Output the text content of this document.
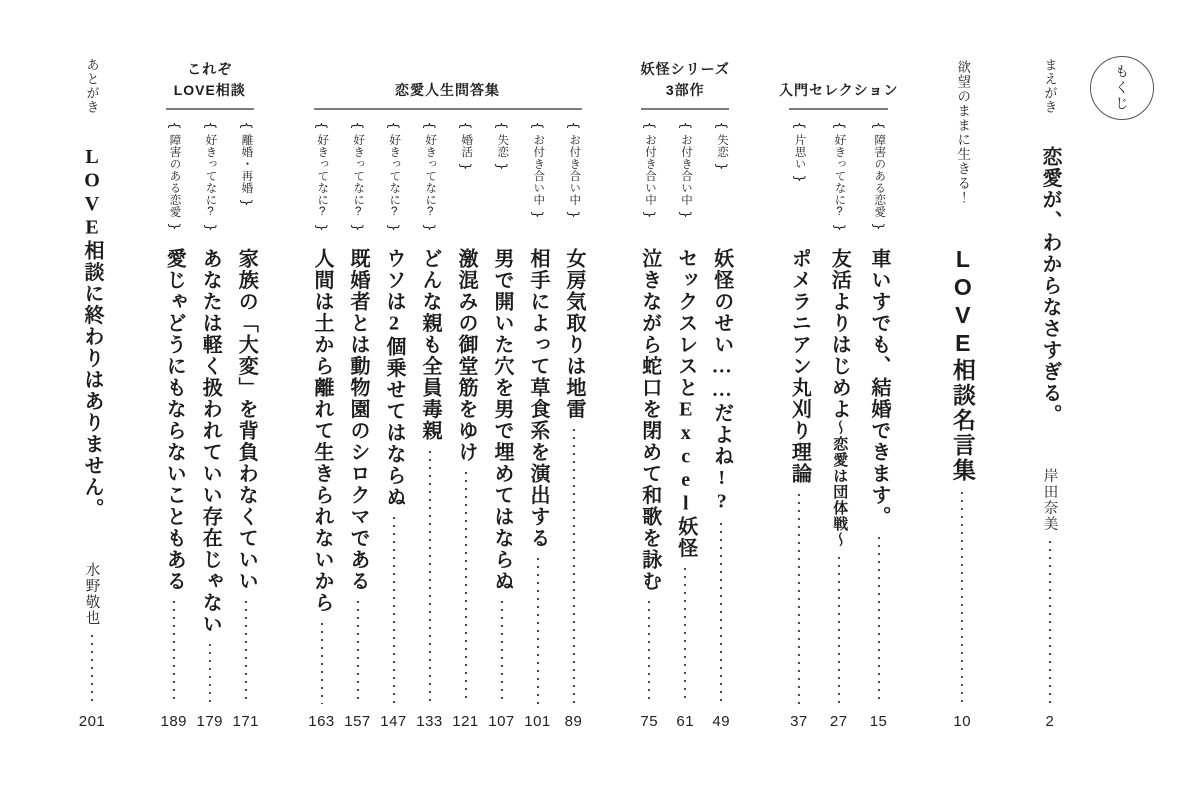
もくじ
まえがき
恋愛が、わからなさすぎる。
岸田奈美
2
欲望のままに生きる！
LOVE相談名言集
10
入門セレクション
{
障害のある恋愛
}
車いすでも、結婚できます。
15
{
好きってなに?
}
友活よりはじめよ〜恋愛は団体戦〜
27
{
片思い
}
ポメラニアン丸刈り理論
37
妖怪シリーズ
3部作
{
失恋
}
妖怪のせい……だよね!?
49
{
お付き合い中
}
セックスレスとExcel妖怪
61
{
お付き合い中
}
泣きながら蛇口を閉めて和歌を詠む
75
恋愛人生問答集
{
お付き合い中
}
女房気取りは地雷
89
{
お付き合い中
}
相手によって草食系を演出する
101
{
失恋
}
男で開いた穴を男で埋めてはならぬ
107
{
婚活
}
激混みの御堂筋をゆけ
121
{
好きってなに?
}
どんな親も全員毒親
133
{
好きってなに?
}
ウソは2個乗せてはならぬ
147
{
好きってなに?
}
既婚者とは動物園のシロクマである
157
{
好きってなに?
}
人間は土から離れて生きられないから
163
これぞ
LOVE相談
{
離婚・再婚
}
家族の「大変」を背負わなくていい
171
{
好きってなに?
}
あなたは軽く扱われていい存在じゃない
179
{
障害のある恋愛
}
愛じゃどうにもならないこともある
189
あとがき
LOVE相談に終わりはありません。
水野敬也
201
